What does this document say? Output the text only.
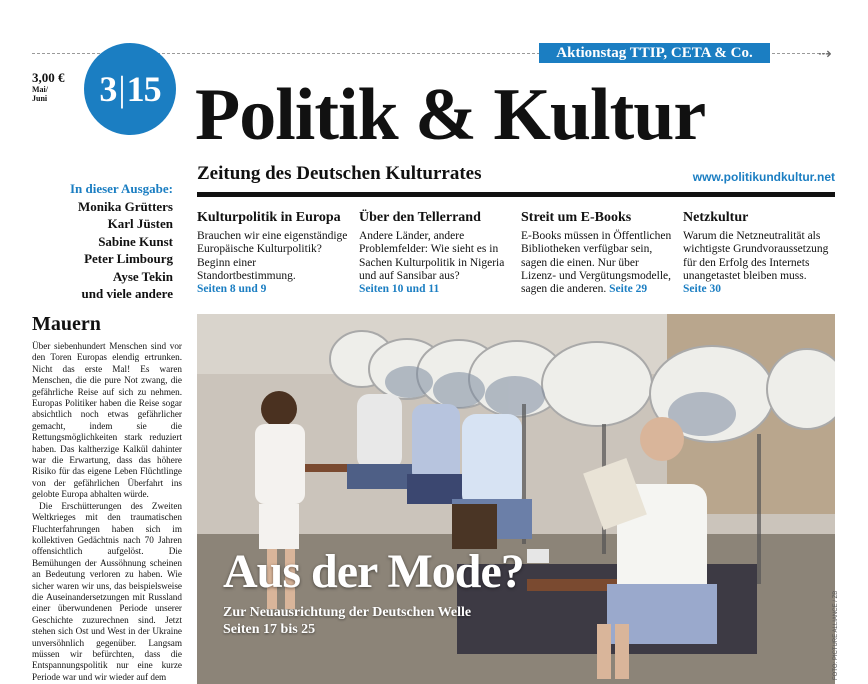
⇢
Aktionstag TTIP, CETA & Co.
3,00 €
Mai/
Juni	3|15 Politik & Kultur
Zeitung des Deutschen Kulturrates	www.politikundkultur.net
In dieser Ausgabe:
Monika Grütters
Karl Jüsten
Sabine Kunst
Peter Limbourg
Ayse Tekin
und viele andere
Kulturpolitik in Europa
Brauchen wir eine eigenständige Europäische Kulturpolitik? Beginn einer Standortbestimmung.
Seiten 8 und 9
Über den Tellerrand
Andere Länder, andere Problemfelder: Wie sieht es in Sachen Kulturpolitik in Nigeria und auf Sansibar aus?
Seiten 10 und 11
Streit um E-Books
E-Books müssen in Öffentlichen Bibliotheken verfügbar sein, sagen die einen. Nur über Lizenz- und Vergütungsmodelle, sagen die anderen. Seite 29
Netzkultur
Warum die Netzneutralität als wichtigste Grundvoraussetzung für den Erfolg des Internets unangetastet bleiben muss.
Seite 30
Mauern

Über siebenhundert Menschen sind vor den Toren Europas elendig ertrunken. Nicht das erste Mal! Es waren Menschen, die die pure Not zwang, die gefährliche Reise auf sich zu nehmen. Europas Politiker haben die Reise sogar absichtlich noch etwas gefährlicher gemacht, indem sie die Rettungsmöglichkeiten stark reduziert haben. Das kaltherzige Kalkül dahinter war die Erwartung, dass das höhere Risiko für das eigene Leben Flüchtlinge von der gefährlichen Überfahrt ins gelobte Europa abhalten würde.

Die Erschütterungen des Zweiten Weltkrieges mit den traumatischen Fluchterfahrungen haben sich im kollektiven Gedächtnis nach 70 Jahren offensichtlich aufgelöst. Die Bemühungen der Aussöhnung scheinen an Bedeutung verloren zu haben. Wie sicher waren wir uns, das beispielsweise die Auseinandersetzungen mit Russland einer überwundenen Periode unserer Geschichte zuzurechnen sind. Jetzt stehen sich Ost und West in der Ukraine unversöhnlich gegenüber. Langsam müssen wir befürchten, dass die Entspannungspolitik nur eine kurze Periode war und wir wieder auf dem

Aus der Mode?
Zur Neuausrichtung der Deutschen Welle
Seiten 17 bis 25	FOTO: PICTURE ALLIANCE / ZB
